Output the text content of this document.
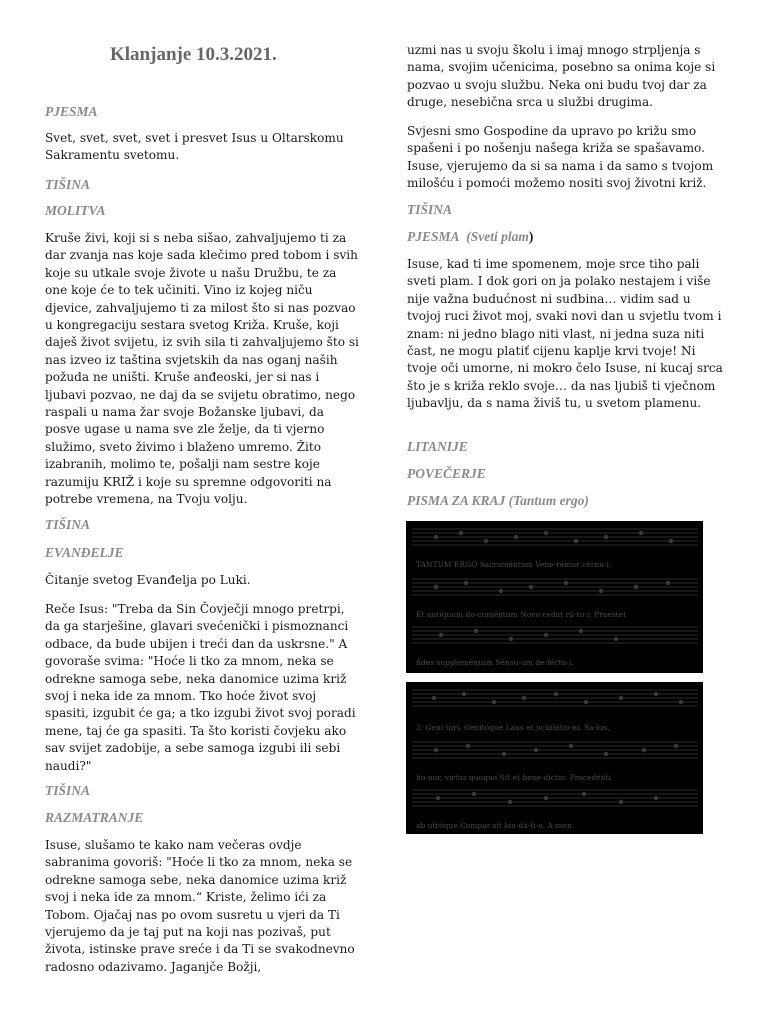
Klanjanje 10.3.2021.

PJESMA

Svet, svet, svet, svet i presvet Isus u Oltarskomu Sakramentu svetomu.

TIŠINA

MOLITVA

Kruše živi, koji si s neba sišao, zahvaljujemo ti za dar zvanja nas koje sada klečimo pred tobom i svih koje su utkale svoje živote u našu Družbu, te za one koje će to tek učiniti. Vino iz kojeg niču djevice, zahvaljujemo ti za milost što si nas pozvao u kongregaciju sestara svetog Križa. Kruše, koji daješ život svijetu, iz svih sila ti zahvaljujemo što si nas izveo iz taština svjetskih da nas oganj naših požuda ne uništi. Kruše anđeoski, jer si nas i ljubavi pozvao, ne daj da se svijetu obratimo, nego raspali u nama žar svoje Božanske ljubavi, da posve ugase u nama sve zle želje, da ti vjerno služimo, sveto živimo i blaženo umremo. Žito izabranih, molimo te, pošalji nam sestre koje razumiju KRIŽ i koje su spremne odgovoriti na potrebe vremena, na Tvoju volju.

TIŠINA

EVANĐELJE

Čitanje svetog Evanđelja po Luki.

Reče Isus: "Treba da Sin Čovječji mnogo pretrpi, da ga starješine, glavari svećenički i pismoznanci odbace, da bude ubijen i treći dan da uskrsne." A govoraše svima: "Hoće li tko za mnom, neka se odrekne samoga sebe, neka danomice uzima križ svoj i neka ide za mnom. Tko hoće život svoj spasiti, izgubit će ga; a tko izgubi život svoj poradi mene, taj će ga spasiti. Ta što koristi čovjeku ako sav svijet zadobije, a sebe samoga izgubi ili sebi naudi?"

TIŠINA

RAZMATRANJE

Isuse, slušamo te kako nam večeras ovdje sabranima govoriš: "Hoće li tko za mnom, neka se odrekne samoga sebe, neka danomice uzima križ svoj i neka ide za mnom.“ Kriste, želimo ići za Tobom. Ojačaj nas po ovom susretu u vjeri da Ti vjerujemo da je taj put na koji nas pozivaš, put života, istinske prave sreće i da Ti se svakodnevno radosno odazivamo. Jaganjče Božji,

uzmi nas u svoju školu i imaj mnogo strpljenja s nama, svojim učenicima, posebno sa onima koje si pozvao u svoju službu. Neka oni budu tvoj dar za druge, nesebična srca u službi drugima.

Svjesni smo Gospodine da upravo po križu smo spašeni i po nošenju našega križa se spašavamo. Isuse, vjerujemo da si sa nama i da samo s tvojom milošću i pomoći možemo nositi svoj životni križ.

TIŠINA

PJESMA (Sveti plam)

Isuse, kad ti ime spomenem, moje srce tiho pali sveti plam. I dok gori on ja polako nestajem i više nije važna budućnost ni sudbina… vidim sad u tvojoj ruci život moj, svaki novi dan u svjetlu tvom i znam: ni jedno blago niti vlast, ni jedna suza niti čast, ne mogu platiť cijenu kaplje krvi tvoje! Ni tvoje oči umorne, ni mokro čelo Isuse, ni kucaj srca što je s križa reklo svoje… da nas ljubiš ti vječnom ljubavlju, da s nama živiš tu, u svetom plamenu.

LITANIJE

POVEČERJE

PISMA ZA KRAJ (Tantum ergo)

TANTUM ERGO Sacraméntum Vene-rémur cérnu-i:
Et antíquum do-cuméntum Novo cedat ríi-tu-i: Praestet
fides suppleméntum Sénsu-um de-féctu-i.
2. Geni-tori, Genitóque Laus et ju-bilátio-ni, Sa-lus,
ho-nor, virtus quoque Sit et bene-dictio: Procedénti
ab utróque Compar sit lau-dá-ti-o. A-men.
